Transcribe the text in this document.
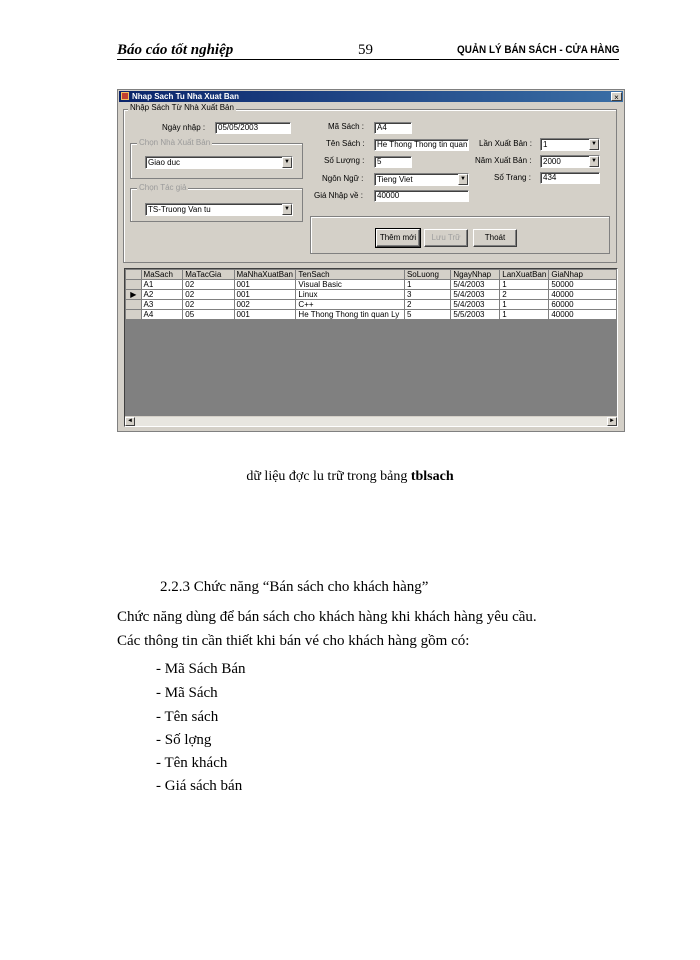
Báo cáo tốt nghiệp	59	QUẢN LÝ BÁN SÁCH - CỬA HÀNG
Nhap Sach Tu Nha Xuat Ban	×
Nhập Sách Từ Nhà Xuất Bản
Ngày nhập :	05/05/2003
Chọn Nhà Xuất Bản
Giao duc	▼
Chọn Tác giả
TS-Truong Van tu	▼
Mã Sách :	A4
Tên Sách :	He Thong Thong tin quan
Số Lượng :	5
Ngôn Ngữ :	Tieng Viet	▼
Giá Nhập về :	40000
Lần Xuất Bản :	1	▼
Năm Xuất Bản :	2000	▼
Số Trang :	434
Thêm mới	Lưu Trữ	Thoát
	MaSach	MaTacGia	MaNhaXuatBan	TenSach	SoLuong	NgayNhap	LanXuatBan	GiaNhap
	A1	02	001	Visual Basic	1	5/4/2003	1	50000
▶	A2	02	001	Linux	3	5/4/2003	2	40000
	A3	02	002	C++	2	5/4/2003	1	60000
	A4	05	001	He Thong Thong tin quan Ly	5	5/5/2003	1	40000
◄	►
dữ liệu đợc lu trữ trong bảng tblsach
2.2.3 Chức năng “Bán sách cho khách hàng”
Chức năng dùng để bán sách cho khách hàng khi khách hàng yêu cầu.
Các thông tin cần thiết khi bán vé cho khách hàng gồm có:
- Mã Sách Bán
- Mã Sách
- Tên sách
- Số lợng
- Tên khách
- Giá sách bán
